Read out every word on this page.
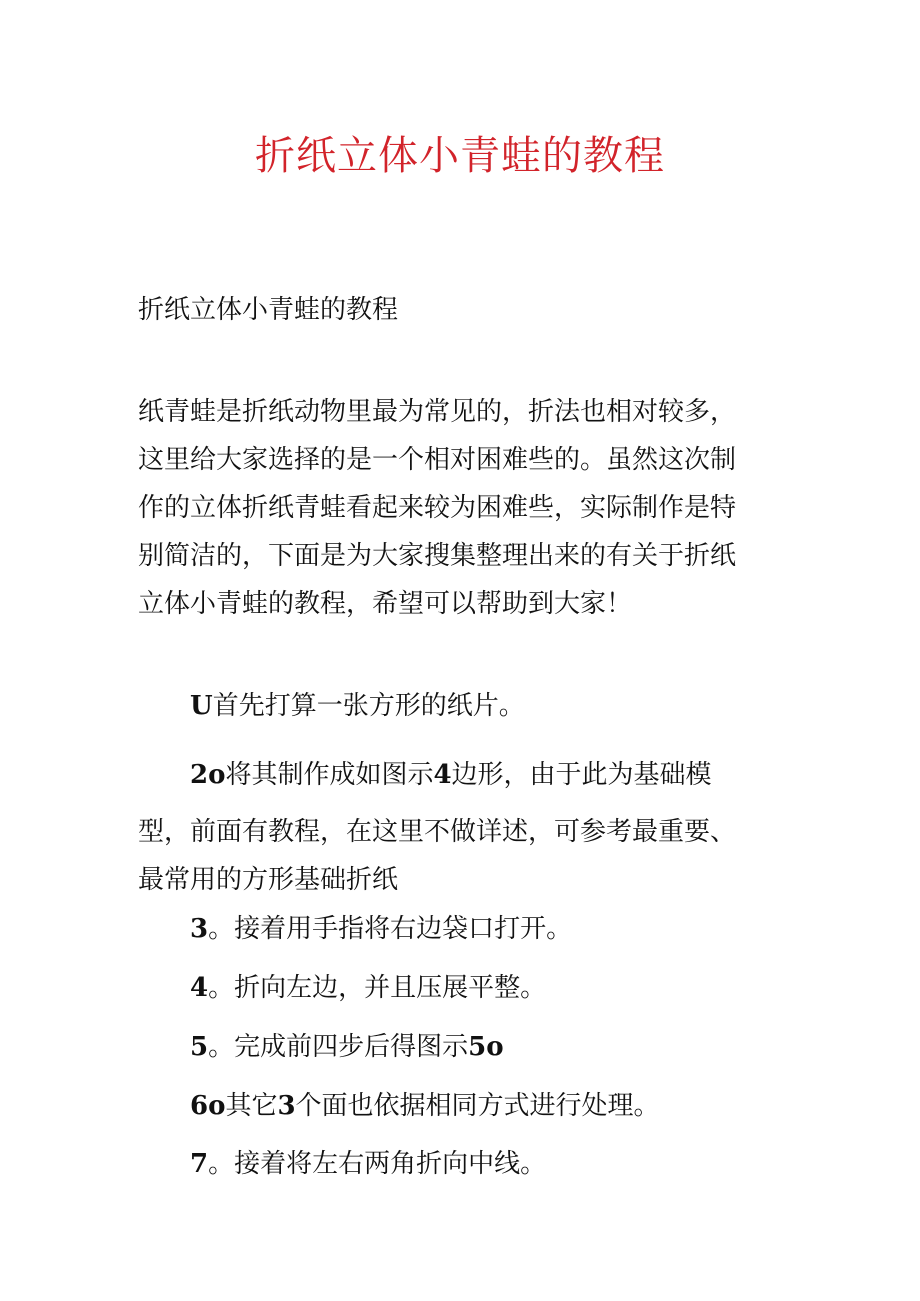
折纸立体小青蛙的教程

折纸立体小青蛙的教程

纸青蛙是折纸动物里最为常见的，折法也相对较多，
这里给大家选择的是一个相对困难些的。虽然这次制
作的立体折纸青蛙看起来较为困难些，实际制作是特
别简洁的，下面是为大家搜集整理出来的有关于折纸
立体小青蛙的教程，希望可以帮助到大家！

U首先打算一张方形的纸片。

2o将其制作成如图示4边形，由于此为基础模

型，前面有教程，在这里不做详述，可参考最重要、
最常用的方形基础折纸

3。接着用手指将右边袋口打开。

4。折向左边，并且压展平整。

5。完成前四步后得图示5o

6o其它3个面也依据相同方式进行处理。

7。接着将左右两角折向中线。
